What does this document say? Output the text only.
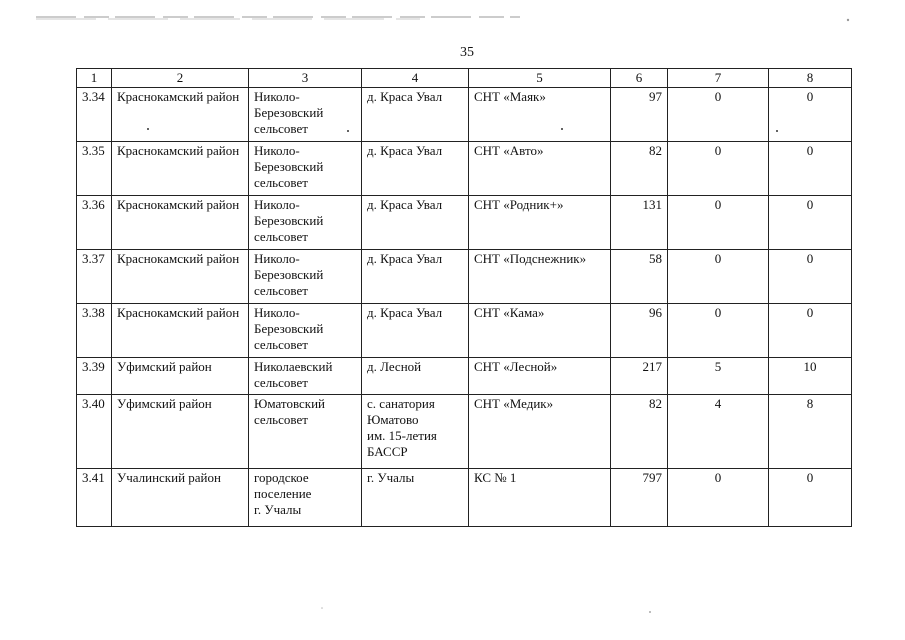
35
1	2	3	4	5	6	7	8
3.34	Краснокамский район	Николо-
Березовский
сельсовет	д. Краса Увал	СНТ «Маяк»	97	0	0
3.35	Краснокамский район	Николо-
Березовский
сельсовет	д. Краса Увал	СНТ «Авто»	82	0	0
3.36	Краснокамский район	Николо-
Березовский
сельсовет	д. Краса Увал	СНТ «Родник+»	131	0	0
3.37	Краснокамский район	Николо-
Березовский
сельсовет	д. Краса Увал	СНТ «Подснежник»	58	0	0
3.38	Краснокамский район	Николо-
Березовский
сельсовет	д. Краса Увал	СНТ «Кама»	96	0	0
3.39	Уфимский район	Николаевский
сельсовет	д. Лесной	СНТ «Лесной»	217	5	10
3.40	Уфимский район	Юматовский
сельсовет	с. санатория
Юматово
им. 15-летия
БАССР	СНТ «Медик»	82	4	8
3.41	Учалинский район	городское
поселение
г. Учалы	г. Учалы	КС № 1	797	0	0
